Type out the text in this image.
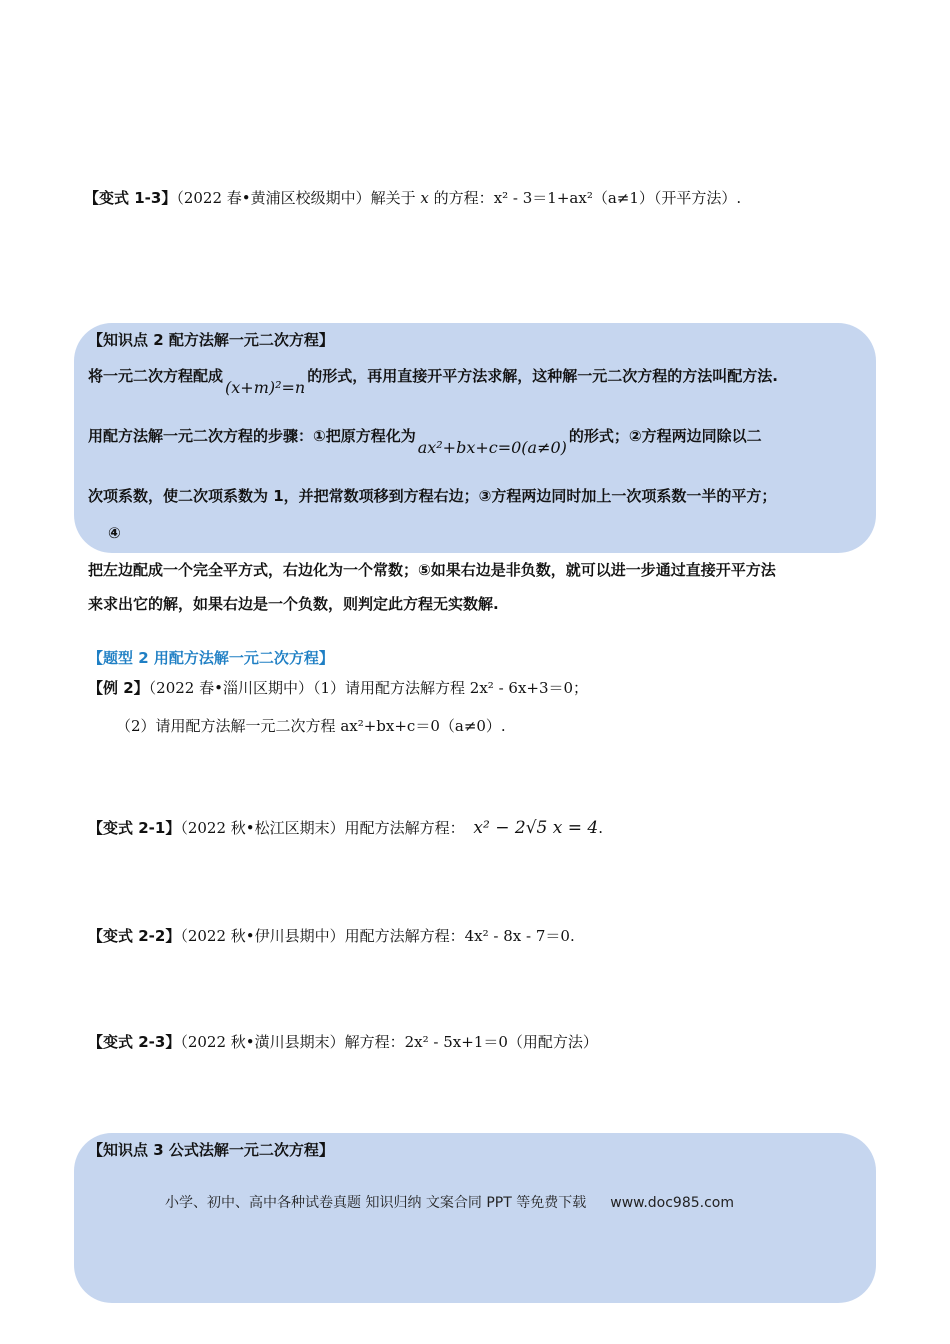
【变式 1-3】（2022 春•黄浦区校级期中）解关于 x 的方程：x² - 3＝1+ax²（a≠1）（开平方法）.
【知识点 2 配方法解一元二次方程】
将一元二次方程配成(x+m)²=n的形式，再用直接开平方法求解，这种解一元二次方程的方法叫配方法.
用配方法解一元二次方程的步骤：①把原方程化为ax²+bx+c=0(a≠0)的形式；②方程两边同除以二
次项系数，使二次项系数为 1，并把常数项移到方程右边；③方程两边同时加上一次项系数一半的平方；
④
把左边配成一个完全平方式，右边化为一个常数；⑤如果右边是非负数，就可以进一步通过直接开平方法
来求出它的解，如果右边是一个负数，则判定此方程无实数解.
【题型 2 用配方法解一元二次方程】
【例 2】（2022 春•淄川区期中）（1）请用配方法解方程 2x² - 6x+3＝0；
（2）请用配方法解一元二次方程 ax²+bx+c＝0（a≠0）.
【变式 2-1】（2022 秋•松江区期末）用配方法解方程： x² − 2√5 x = 4.
【变式 2-2】（2022 秋•伊川县期中）用配方法解方程：4x² - 8x - 7＝0.
【变式 2-3】（2022 秋•潢川县期末）解方程：2x² - 5x+1＝0（用配方法）
【知识点 3 公式法解一元二次方程】
小学、初中、高中各种试卷真题 知识归纳 文案合同 PPT 等免费下载 www.doc985.com
